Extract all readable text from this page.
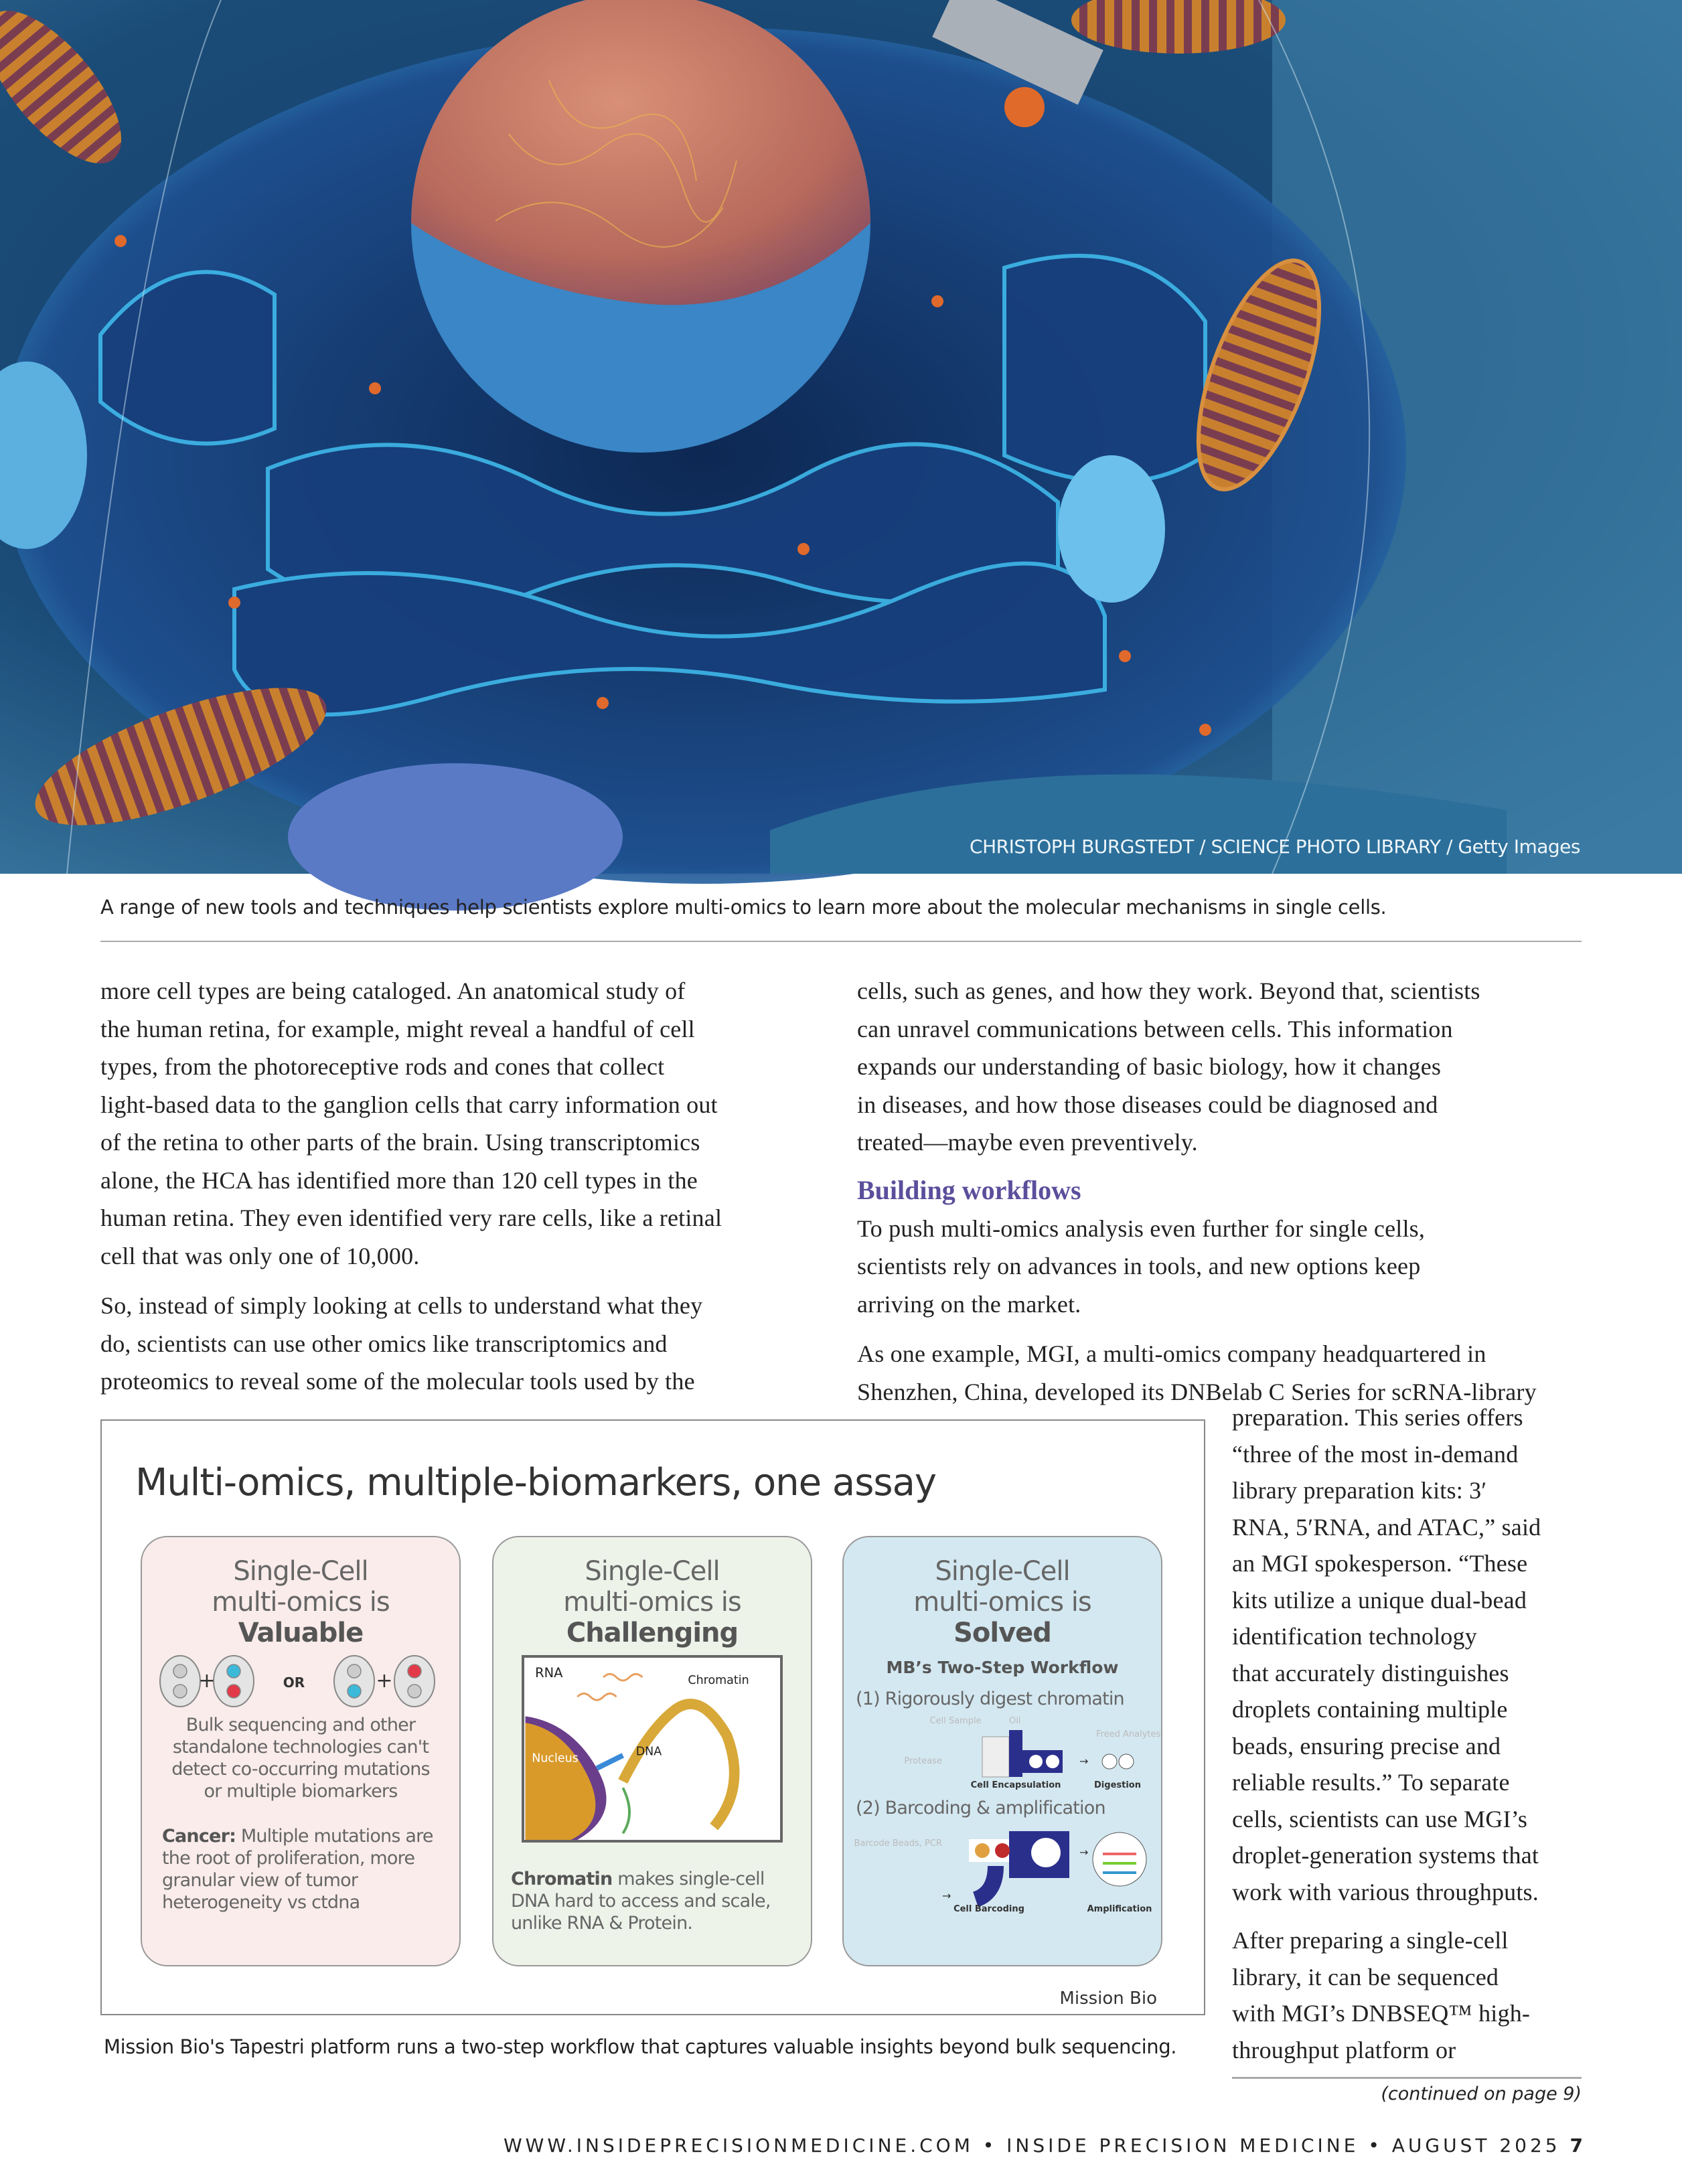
CHRISTOPH BURGSTEDT / SCIENCE PHOTO LIBRARY / Getty Images
A range of new tools and techniques help scientists explore multi-omics to learn more about the molecular mechanisms in single cells.

more cell types are being cataloged. An anatomical study of
the human retina, for example, might reveal a handful of cell
types, from the photoreceptive rods and cones that collect
light-based data to the ganglion cells that carry information out
of the retina to other parts of the brain. Using transcriptomics
alone, the HCA has identified more than 120 cell types in the
human retina. They even identified very rare cells, like a retinal
cell that was only one of 10,000.

So, instead of simply looking at cells to understand what they
do, scientists can use other omics like transcriptomics and
proteomics to reveal some of the molecular tools used by the

cells, such as genes, and how they work. Beyond that, scientists
can unravel communications between cells. This information
expands our understanding of basic biology, how it changes
in diseases, and how those diseases could be diagnosed and
treated—maybe even preventively.

Building workflows

To push multi-omics analysis even further for single cells,
scientists rely on advances in tools, and new options keep
arriving on the market.

As one example, MGI, a multi-omics company headquartered in
Shenzhen, China, developed its DNBelab C Series for scRNA-library

preparation. This series offers
“three of the most in-demand
library preparation kits: 3′
RNA, 5′RNA, and ATAC,” said
an MGI spokesperson. “These
kits utilize a unique dual-bead
identification technology
that accurately distinguishes
droplets containing multiple
beads, ensuring precise and
reliable results.” To separate
cells, scientists can use MGI’s
droplet-generation systems that
work with various throughputs.

After preparing a single-cell
library, it can be sequenced
with MGI’s DNBSEQ™ high-
throughput platform or

Multi-omics, multiple-biomarkers, one assay
Single-Cell
multi-omics is
Valuable
+	+
OR
Bulk sequencing and other standalone technologies can't detect co-occurring mutations or multiple biomarkers
Cancer: Multiple mutations are the root of proliferation, more granular view of tumor heterogeneity vs ctdna
Single-Cell
multi-omics is
Challenging
RNA	Chromatin
DNA
Nucleus
Chromatin makes single-cell DNA hard to access and scale, unlike RNA & Protein.
Single-Cell
multi-omics is
Solved
MB’s Two-Step Workflow
(1) Rigorously digest chromatin
Cell Sample	Oil
Freed Analytes
Protease	→
Cell Encapsulation	Digestion
(2) Barcoding & amplification
Barcode Beads, PCR
→
→
Cell Barcoding	Amplification
Mission Bio
Mission Bio's Tapestri platform runs a two-step workflow that captures valuable insights beyond bulk sequencing.
(continued on page 9)
WWW.INSIDEPRECISIONMEDICINE.COM • INSIDE PRECISION MEDICINE • AUGUST 2025 7
